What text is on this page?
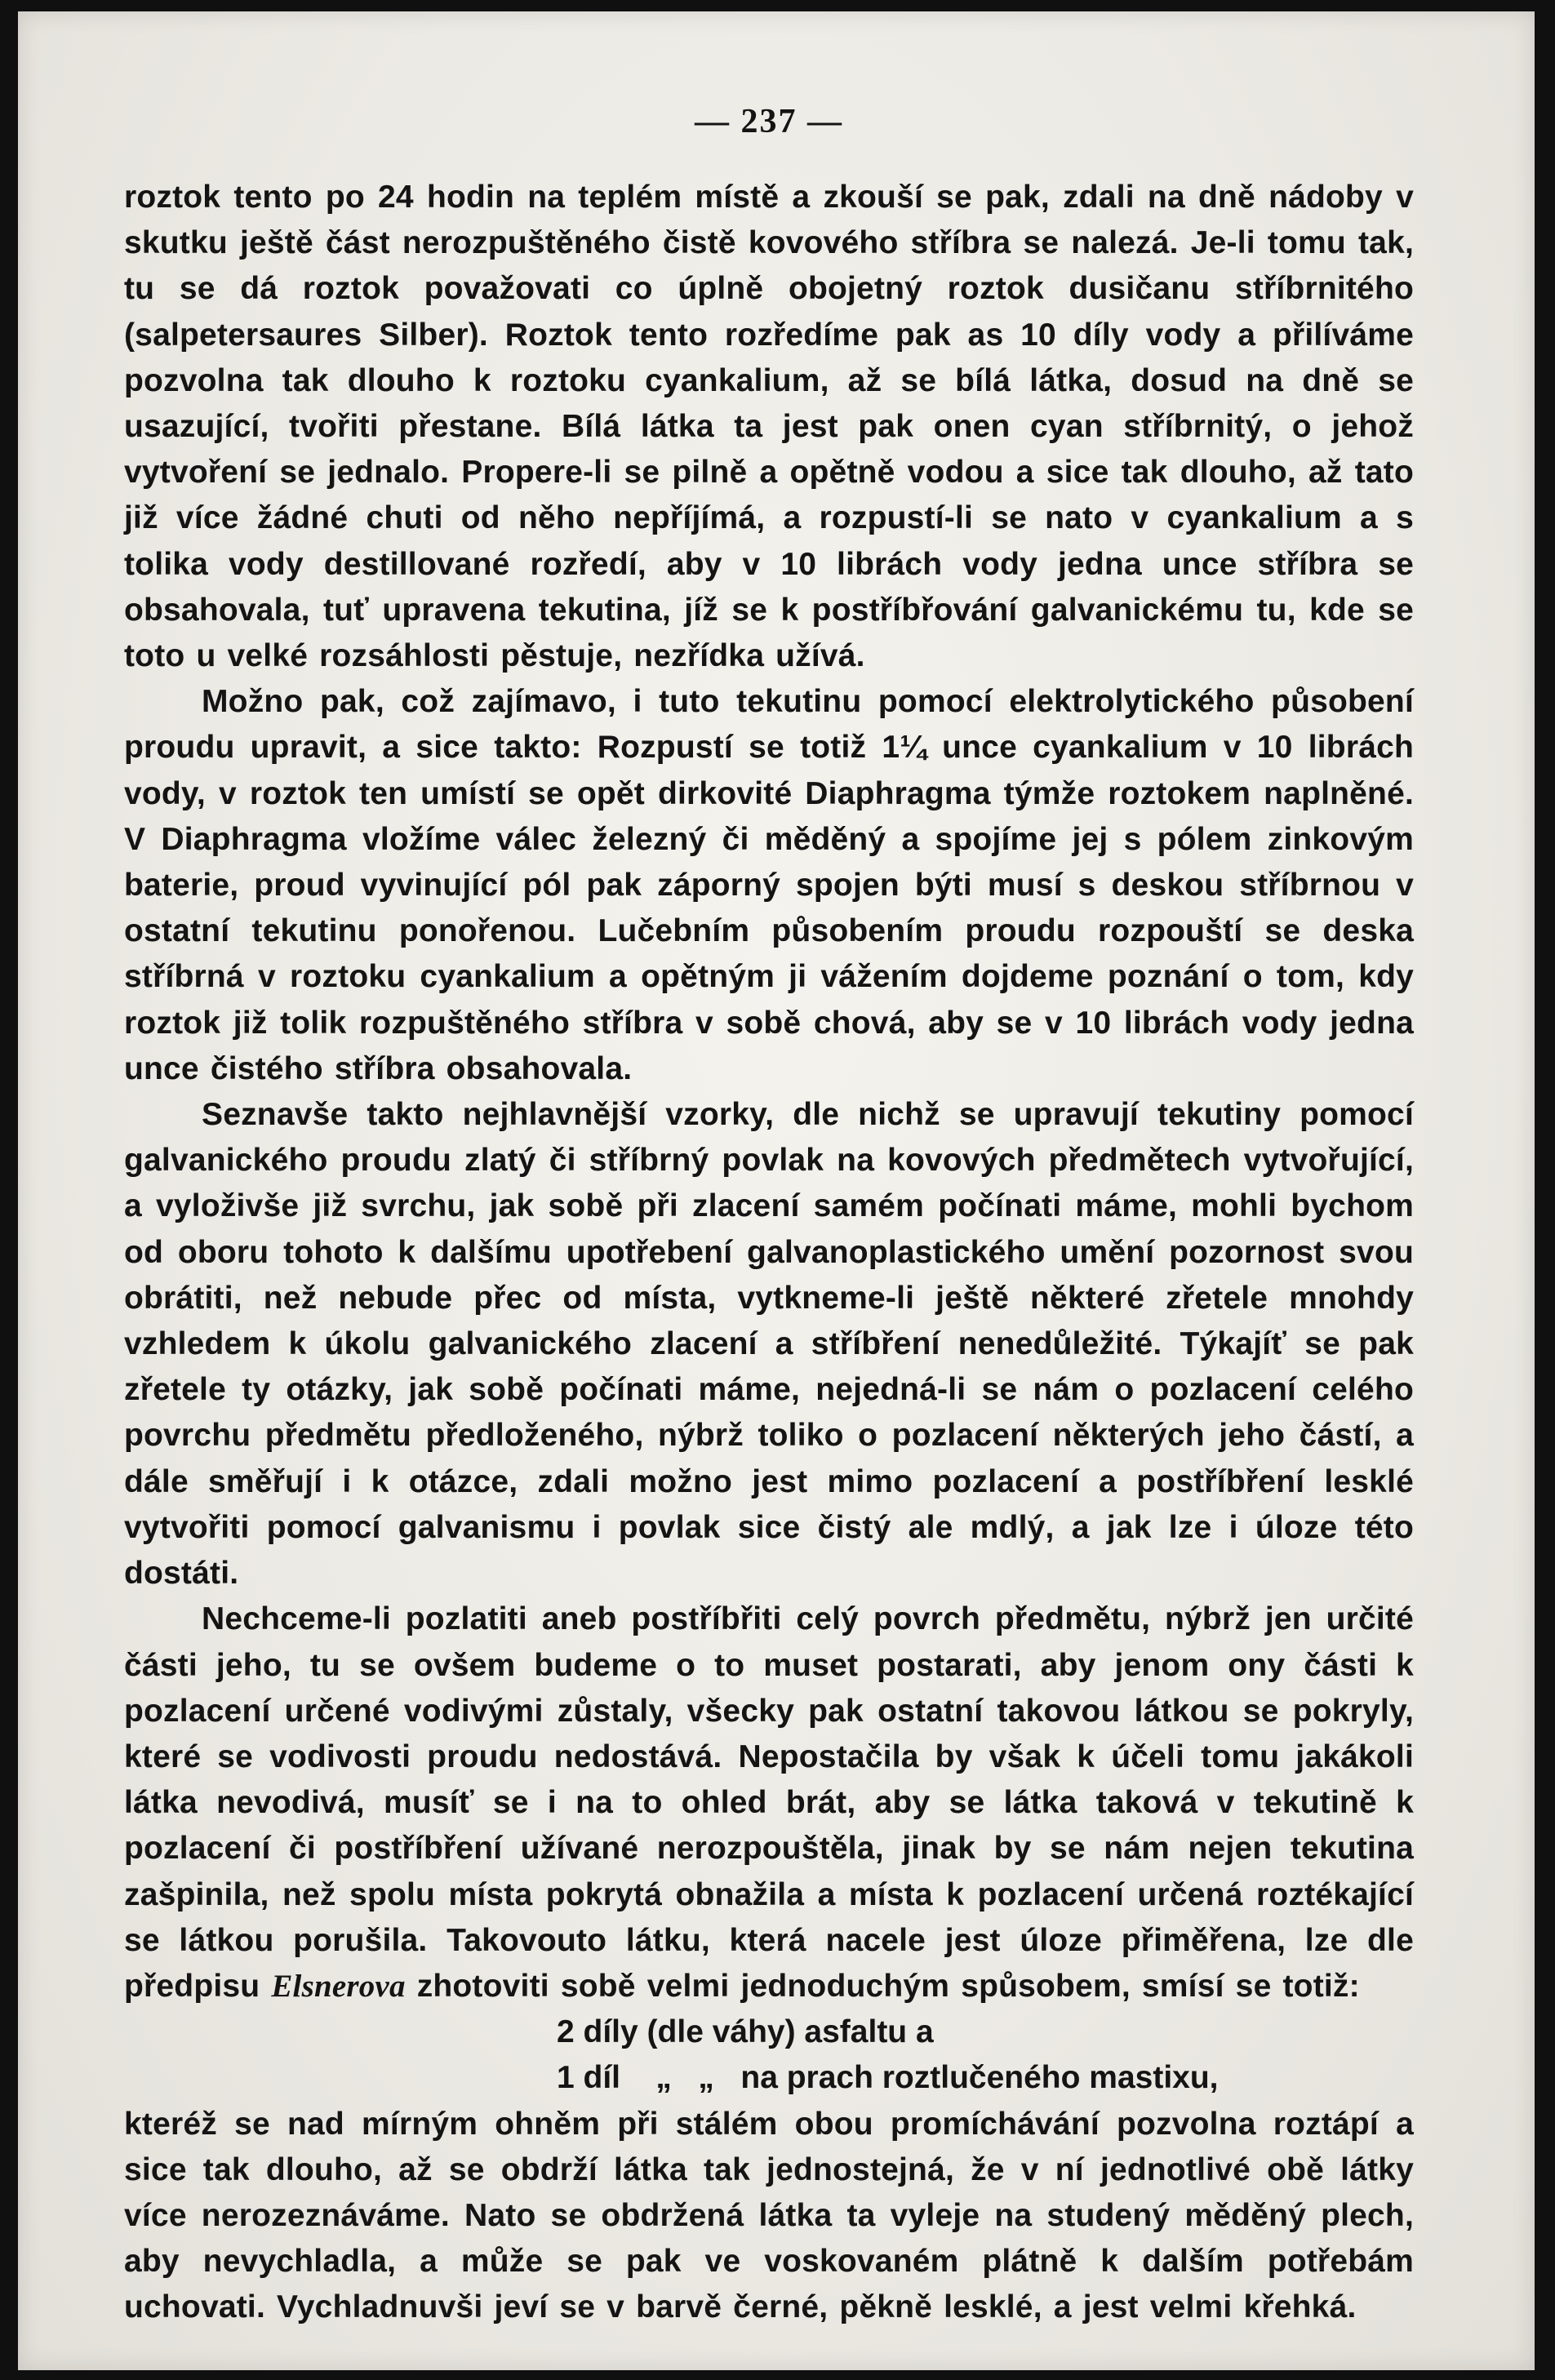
— 237 —

roztok tento po 24 hodin na teplém místě a zkouší se pak, zdali na dně nádoby v skutku ještě část nerozpuštěného čistě kovového stříbra se nalezá. Je-li tomu tak, tu se dá roztok považovati co úplně obojetný roztok dusičanu stříbrnitého (salpetersaures Silber). Roztok tento rozředíme pak as 10 díly vody a přilíváme pozvolna tak dlouho k roztoku cyankalium, až se bílá látka, dosud na dně se usazující, tvořiti přestane. Bílá látka ta jest pak onen cyan stříbrnitý, o jehož vytvoření se jednalo. Propere-li se pilně a opětně vodou a sice tak dlouho, až tato již více žádné chuti od něho nepříjímá, a rozpustí-li se nato v cyankalium a s tolika vody destillované rozředí, aby v 10 librách vody jedna unce stříbra se obsahovala, tuť upravena tekutina, jíž se k postříbřování galvanickému tu, kde se toto u velké rozsáhlosti pěstuje, nezřídka užívá.

Možno pak, což zajímavo, i tuto tekutinu pomocí elektrolytického působení proudu upravit, a sice takto: Rozpustí se totiž 1¼ unce cyankalium v 10 librách vody, v roztok ten umístí se opět dirkovité Diaphragma týmže roztokem naplněné. V Diaphragma vložíme válec železný či měděný a spojíme jej s pólem zinkovým baterie, proud vyvinující pól pak záporný spojen býti musí s deskou stříbrnou v ostatní tekutinu ponořenou. Lučebním působením proudu rozpouští se deska stříbrná v roztoku cyankalium a opětným ji vážením dojdeme poznání o tom, kdy roztok již tolik rozpuštěného stříbra v sobě chová, aby se v 10 librách vody jedna unce čistého stříbra obsahovala.

Seznavše takto nejhlavnější vzorky, dle nichž se upravují tekutiny pomocí galvanického proudu zlatý či stříbrný povlak na kovových předmětech vytvořující, a vyloživše již svrchu, jak sobě při zlacení samém počínati máme, mohli bychom od oboru tohoto k dalšímu upotřebení galvanoplastického umění pozornost svou obrátiti, než nebude přec od místa, vytkneme-li ještě některé zřetele mnohdy vzhledem k úkolu galvanického zlacení a stříbření nenedůležité. Týkajíť se pak zřetele ty otázky, jak sobě počínati máme, nejedná-li se nám o pozlacení celého povrchu předmětu předloženého, nýbrž toliko o pozlacení některých jeho částí, a dále směřují i k otázce, zdali možno jest mimo pozlacení a postříbření lesklé vytvořiti pomocí galvanismu i povlak sice čistý ale mdlý, a jak lze i úloze této dostáti.

Nechceme-li pozlatiti aneb postříbřiti celý povrch předmětu, nýbrž jen určité části jeho, tu se ovšem budeme o to muset postarati, aby jenom ony části k pozlacení určené vodivými zůstaly, všecky pak ostatní takovou látkou se pokryly, které se vodivosti proudu nedostává. Nepostačila by však k účeli tomu jakákoli látka nevodivá, musíť se i na to ohled brát, aby se látka taková v tekutině k pozlacení či postříbření užívané nerozpouštěla, jinak by se nám nejen tekutina zašpinila, než spolu místa pokrytá obnažila a místa k pozlacení určená roztékající se látkou porušila. Takovouto látku, která nacele jest úloze přiměřena, lze dle předpisu Elsnerova zhotoviti sobě velmi jednoduchým spůsobem, smísí se totiž:

2 díly (dle váhy) asfaltu a
1 díl    „   „   na prach roztlučeného mastixu,

kteréž se nad mírným ohněm při stálém obou promíchávání pozvolna roztápí a sice tak dlouho, až se obdrží látka tak jednostejná, že v ní jednotlivé obě látky více nerozeznáváme. Nato se obdržená látka ta vyleje na studený měděný plech, aby nevychladla, a může se pak ve voskovaném plátně k dalším potřebám uchovati. Vychladnuvši jeví se v barvě černé, pěkně lesklé, a jest velmi křehká.
